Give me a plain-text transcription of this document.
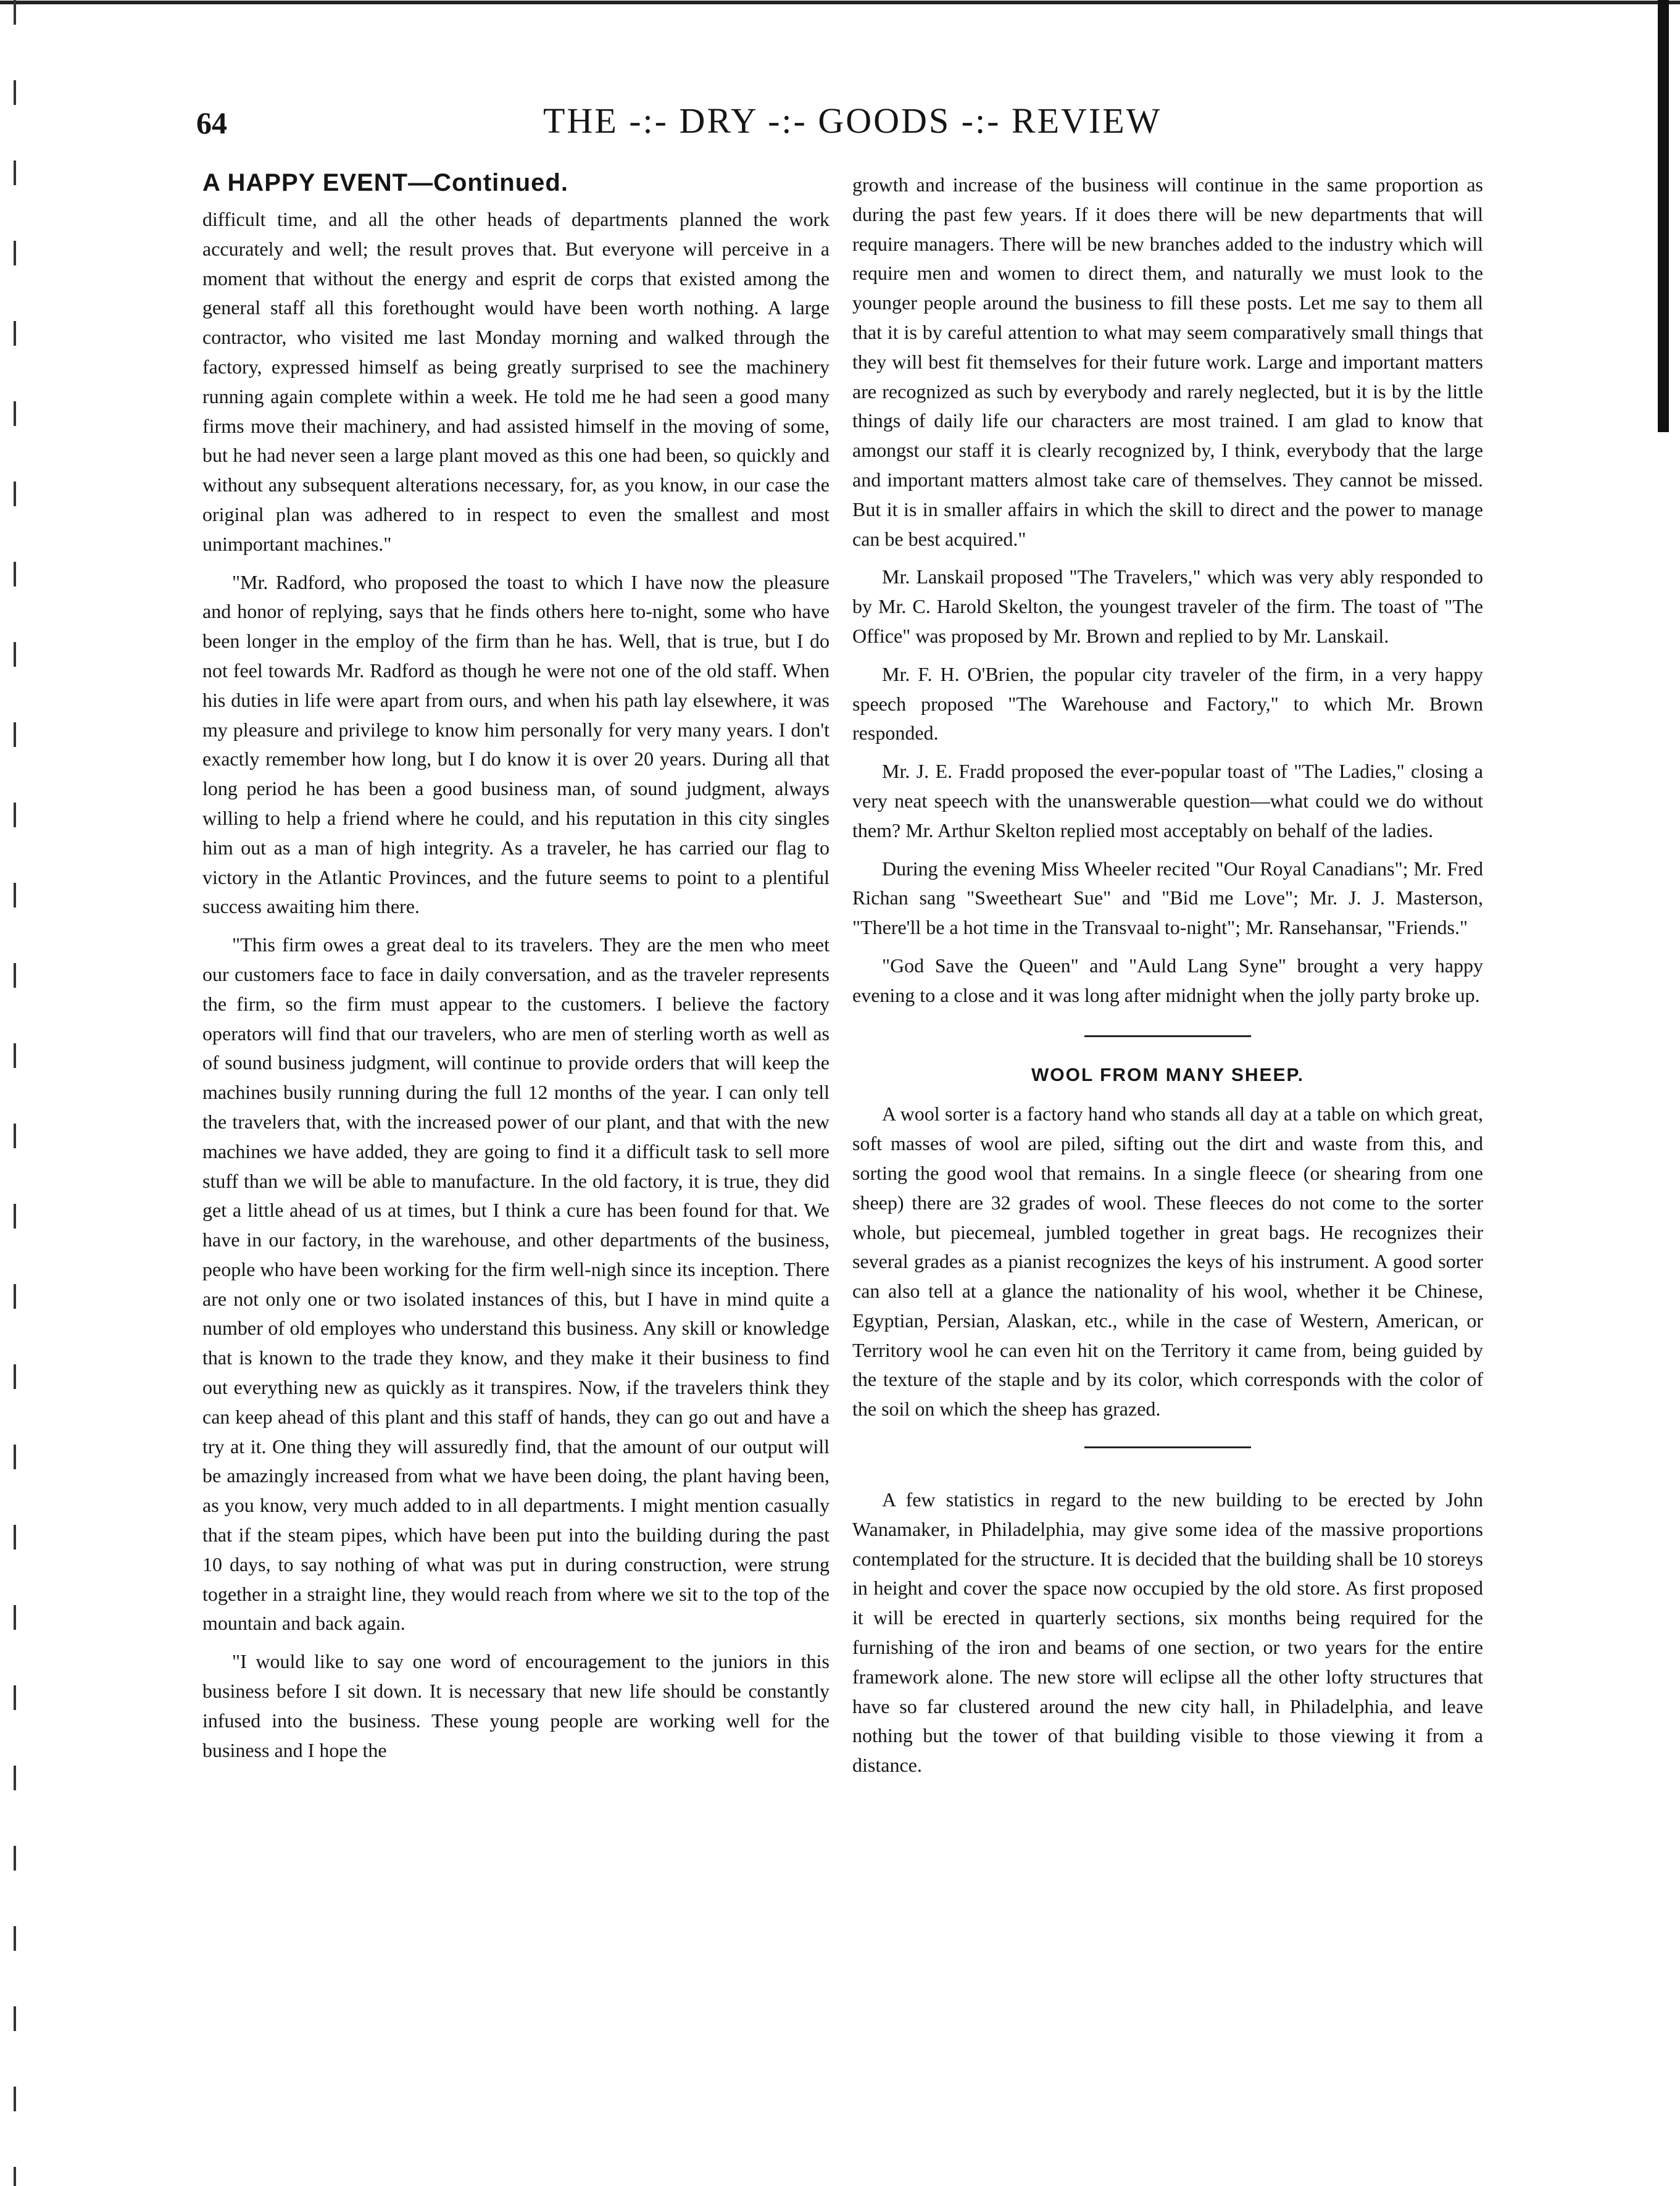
64	THE -:- DRY -:- GOODS -:- REVIEW
A HAPPY EVENT—Continued.

difficult time, and all the other heads of departments planned the work accurately and well; the result proves that. But everyone will perceive in a moment that without the energy and esprit de corps that existed among the general staff all this forethought would have been worth nothing. A large contractor, who visited me last Monday morning and walked through the factory, expressed himself as being greatly surprised to see the machinery running again complete within a week. He told me he had seen a good many firms move their machinery, and had assisted himself in the moving of some, but he had never seen a large plant moved as this one had been, so quickly and without any subsequent alterations necessary, for, as you know, in our case the original plan was adhered to in respect to even the smallest and most unimportant machines."

"Mr. Radford, who proposed the toast to which I have now the pleasure and honor of replying, says that he finds others here to-night, some who have been longer in the employ of the firm than he has. Well, that is true, but I do not feel towards Mr. Radford as though he were not one of the old staff. When his duties in life were apart from ours, and when his path lay elsewhere, it was my pleasure and privilege to know him personally for very many years. I don't exactly remember how long, but I do know it is over 20 years. During all that long period he has been a good business man, of sound judgment, always willing to help a friend where he could, and his reputation in this city singles him out as a man of high integrity. As a traveler, he has carried our flag to victory in the Atlantic Provinces, and the future seems to point to a plentiful success awaiting him there.

"This firm owes a great deal to its travelers. They are the men who meet our customers face to face in daily conversation, and as the traveler represents the firm, so the firm must appear to the customers. I believe the factory operators will find that our travelers, who are men of sterling worth as well as of sound business judgment, will continue to provide orders that will keep the machines busily running during the full 12 months of the year. I can only tell the travelers that, with the increased power of our plant, and that with the new machines we have added, they are going to find it a difficult task to sell more stuff than we will be able to manufacture. In the old factory, it is true, they did get a little ahead of us at times, but I think a cure has been found for that. We have in our factory, in the warehouse, and other departments of the business, people who have been working for the firm well-nigh since its inception. There are not only one or two isolated instances of this, but I have in mind quite a number of old employes who understand this business. Any skill or knowledge that is known to the trade they know, and they make it their business to find out everything new as quickly as it transpires. Now, if the travelers think they can keep ahead of this plant and this staff of hands, they can go out and have a try at it. One thing they will assuredly find, that the amount of our output will be amazingly increased from what we have been doing, the plant having been, as you know, very much added to in all departments. I might mention casually that if the steam pipes, which have been put into the building during the past 10 days, to say nothing of what was put in during construction, were strung together in a straight line, they would reach from where we sit to the top of the mountain and back again.

"I would like to say one word of encouragement to the juniors in this business before I sit down. It is necessary that new life should be constantly infused into the business. These young people are working well for the business and I hope the

growth and increase of the business will continue in the same proportion as during the past few years. If it does there will be new departments that will require managers. There will be new branches added to the industry which will require men and women to direct them, and naturally we must look to the younger people around the business to fill these posts. Let me say to them all that it is by careful attention to what may seem comparatively small things that they will best fit themselves for their future work. Large and important matters are recognized as such by everybody and rarely neglected, but it is by the little things of daily life our characters are most trained. I am glad to know that amongst our staff it is clearly recognized by, I think, everybody that the large and important matters almost take care of themselves. They cannot be missed. But it is in smaller affairs in which the skill to direct and the power to manage can be best acquired."

Mr. Lanskail proposed "The Travelers," which was very ably responded to by Mr. C. Harold Skelton, the youngest traveler of the firm. The toast of "The Office" was proposed by Mr. Brown and replied to by Mr. Lanskail.

Mr. F. H. O'Brien, the popular city traveler of the firm, in a very happy speech proposed "The Warehouse and Factory," to which Mr. Brown responded.

Mr. J. E. Fradd proposed the ever-popular toast of "The Ladies," closing a very neat speech with the unanswerable question—what could we do without them? Mr. Arthur Skelton replied most acceptably on behalf of the ladies.

During the evening Miss Wheeler recited "Our Royal Canadians"; Mr. Fred Richan sang "Sweetheart Sue" and "Bid me Love"; Mr. J. J. Masterson, "There'll be a hot time in the Transvaal to-night"; Mr. Ransehansar, "Friends."

"God Save the Queen" and "Auld Lang Syne" brought a very happy evening to a close and it was long after midnight when the jolly party broke up.

WOOL FROM MANY SHEEP.

A wool sorter is a factory hand who stands all day at a table on which great, soft masses of wool are piled, sifting out the dirt and waste from this, and sorting the good wool that remains. In a single fleece (or shearing from one sheep) there are 32 grades of wool. These fleeces do not come to the sorter whole, but piecemeal, jumbled together in great bags. He recognizes their several grades as a pianist recognizes the keys of his instrument. A good sorter can also tell at a glance the nationality of his wool, whether it be Chinese, Egyptian, Persian, Alaskan, etc., while in the case of Western, American, or Territory wool he can even hit on the Territory it came from, being guided by the texture of the staple and by its color, which corresponds with the color of the soil on which the sheep has grazed.

A few statistics in regard to the new building to be erected by John Wanamaker, in Philadelphia, may give some idea of the massive proportions contemplated for the structure. It is decided that the building shall be 10 storeys in height and cover the space now occupied by the old store. As first proposed it will be erected in quarterly sections, six months being required for the furnishing of the iron and beams of one section, or two years for the entire framework alone. The new store will eclipse all the other lofty structures that have so far clustered around the new city hall, in Philadelphia, and leave nothing but the tower of that building visible to those viewing it from a distance.
